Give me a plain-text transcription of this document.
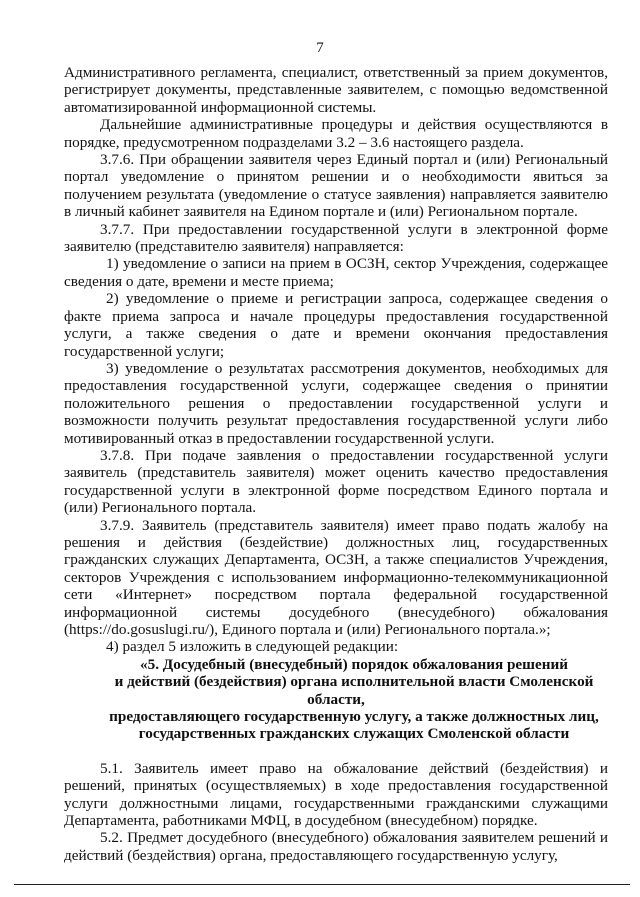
7

Административного регламента, специалист, ответственный за прием документов, регистрирует документы, представленные заявителем, с помощью ведомственной автоматизированной информационной системы.

Дальнейшие административные процедуры и действия осуществляются в порядке, предусмотренном подразделами 3.2 – 3.6 настоящего раздела.

3.7.6. При обращении заявителя через Единый портал и (или) Региональный портал уведомление о принятом решении и о необходимости явиться за получением результата (уведомление о статусе заявления) направляется заявителю в личный кабинет заявителя на Едином портале и (или) Региональном портале.

3.7.7. При предоставлении государственной услуги в электронной форме заявителю (представителю заявителя) направляется:

1) уведомление о записи на прием в ОСЗН, сектор Учреждения, содержащее сведения о дате, времени и месте приема;

2) уведомление о приеме и регистрации запроса, содержащее сведения о факте приема запроса и начале процедуры предоставления государственной услуги, а также сведения о дате и времени окончания предоставления государственной услуги;

3) уведомление о результатах рассмотрения документов, необходимых для предоставления государственной услуги, содержащее сведения о принятии положительного решения о предоставлении государственной услуги и возможности получить результат предоставления государственной услуги либо мотивированный отказ в предоставлении государственной услуги.

3.7.8. При подаче заявления о предоставлении государственной услуги заявитель (представитель заявителя) может оценить качество предоставления государственной услуги в электронной форме посредством Единого портала и (или) Регионального портала.

3.7.9. Заявитель (представитель заявителя) имеет право подать жалобу на решения и действия (бездействие) должностных лиц, государственных гражданских служащих Департамента, ОСЗН, а также специалистов Учреждения, секторов Учреждения с использованием информационно-телекоммуникационной сети «Интернет» посредством портала федеральной государственной информационной системы досудебного (внесудебного) обжалования (https://do.gosuslugi.ru/), Единого портала и (или) Регионального портала.»;

4) раздел 5 изложить в следующей редакции:

«5. Досудебный (внесудебный) порядок обжалования решений

и действий (бездействия) органа исполнительной власти Смоленской области,

предоставляющего государственную услугу, а также должностных лиц,

государственных гражданских служащих Смоленской области

5.1. Заявитель имеет право на обжалование действий (бездействия) и решений, принятых (осуществляемых) в ходе предоставления государственной услуги должностными лицами, государственными гражданскими служащими Департамента, работниками МФЦ, в досудебном (внесудебном) порядке.

5.2. Предмет досудебного (внесудебного) обжалования заявителем решений и действий (бездействия) органа, предоставляющего государственную услугу,
